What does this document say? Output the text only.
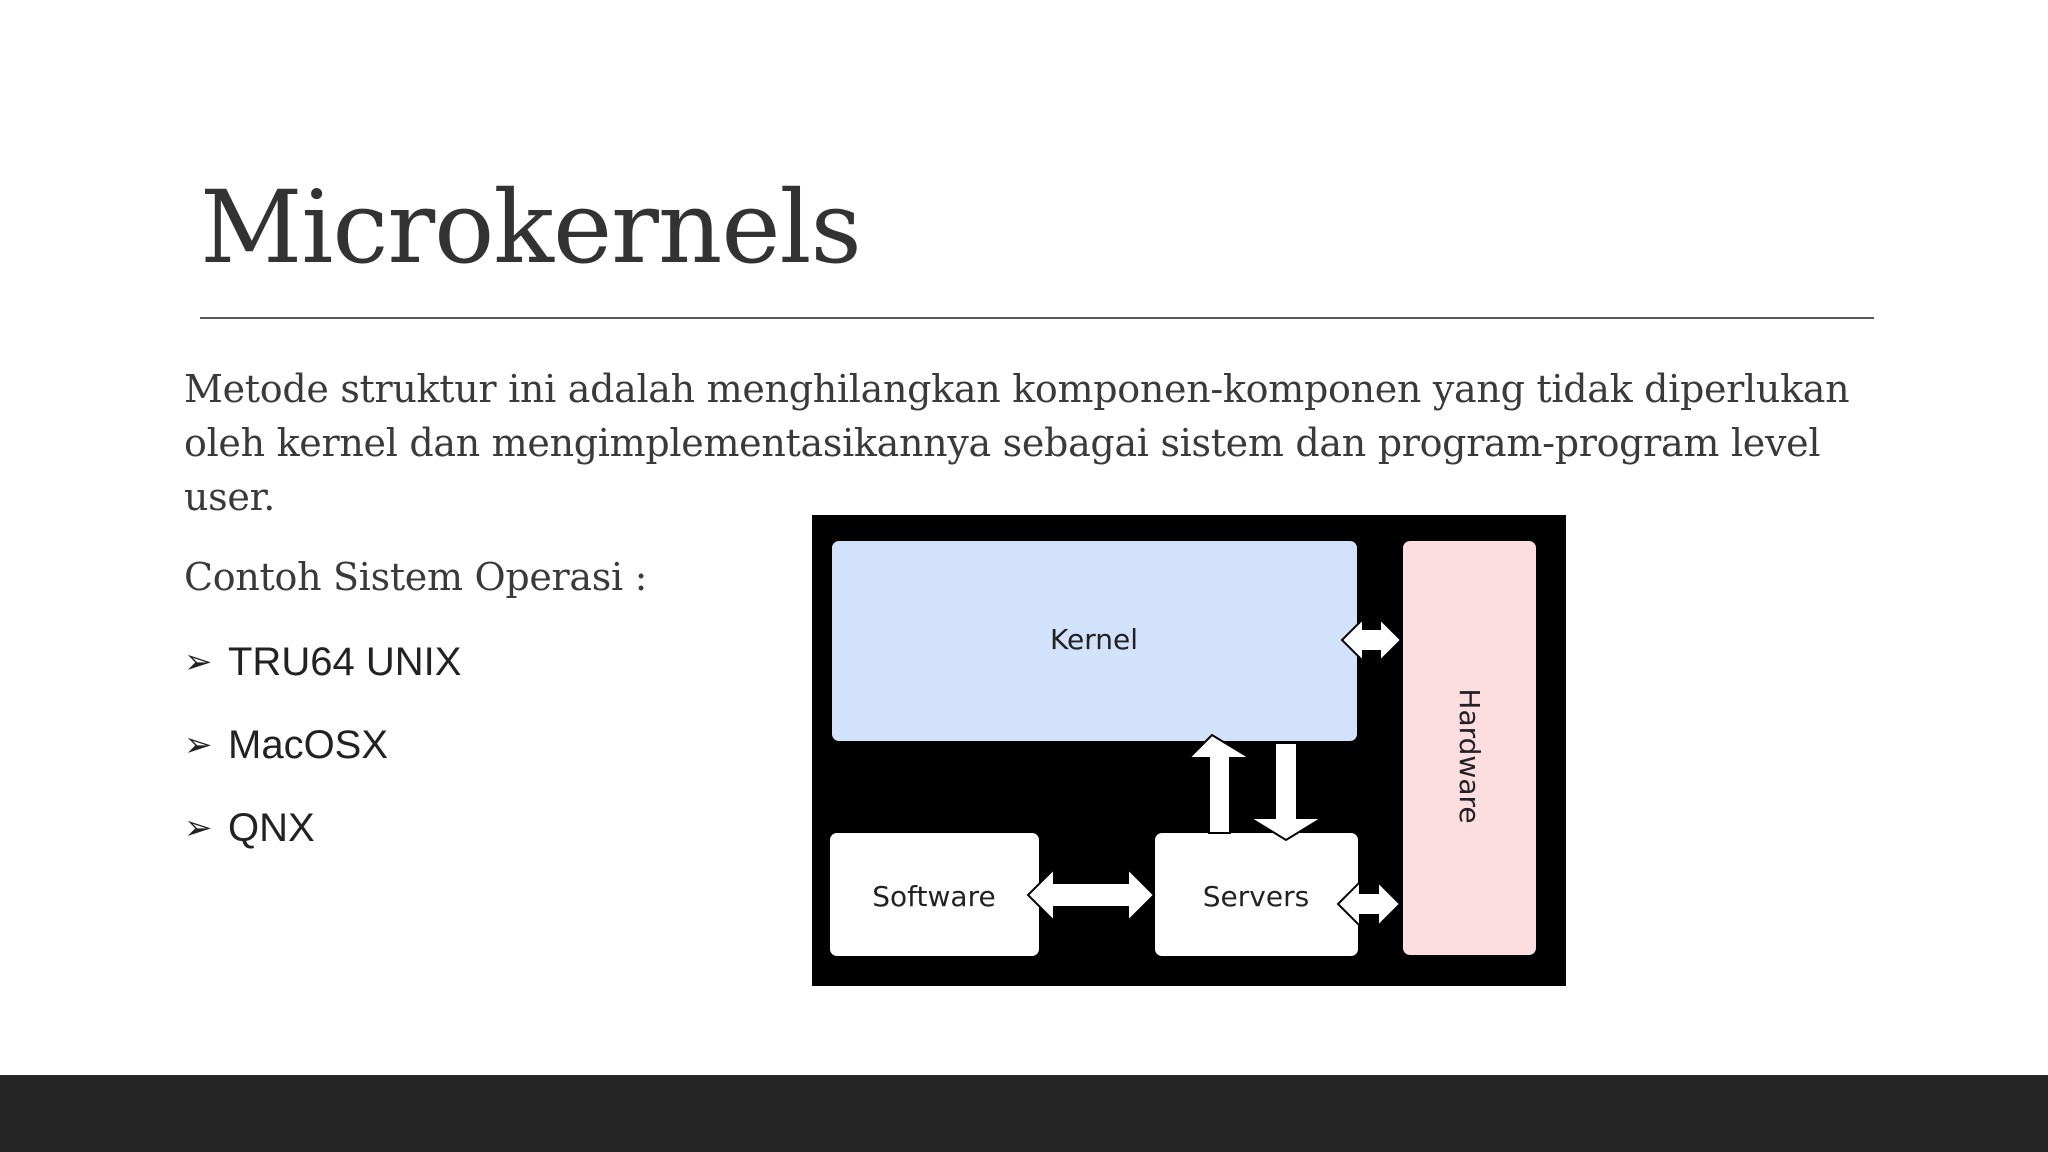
Microkernels

Metode struktur ini adalah menghilangkan komponen-komponen yang tidak diperlukan oleh kernel dan mengimplementasikannya sebagai sistem dan program-program level user.

Contoh Sistem Operasi :

➢ TRU64 UNIX
➢ MacOSX
➢ QNX
Kernel
Hardware
Software	Servers
